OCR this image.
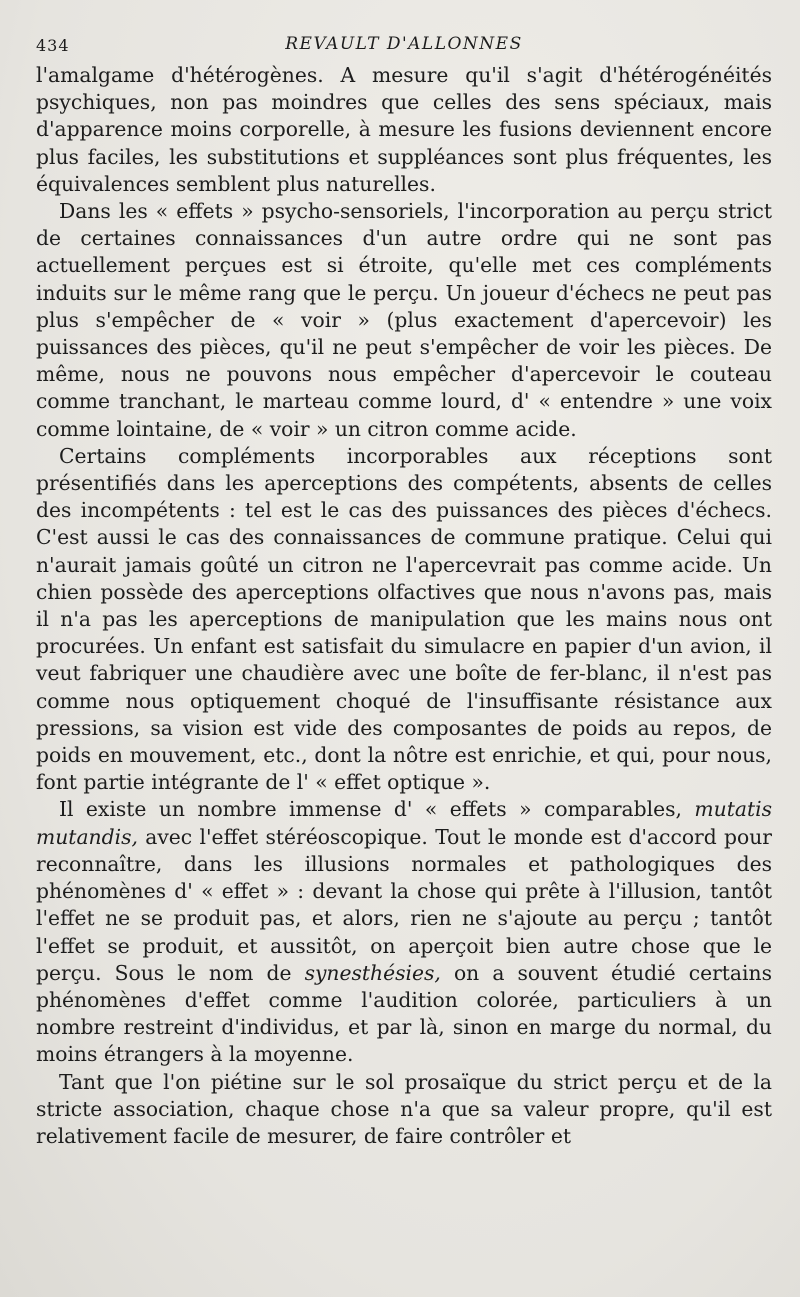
434	REVAULT D'ALLONNES

l'amalgame d'hétérogènes. A mesure qu'il s'agit d'hétérogénéités psychiques, non pas moindres que celles des sens spéciaux, mais d'apparence moins corporelle, à mesure les fusions deviennent encore plus faciles, les substitutions et suppléances sont plus fréquentes, les équivalences semblent plus naturelles.

Dans les « effets » psycho-sensoriels, l'incorporation au perçu strict de certaines connaissances d'un autre ordre qui ne sont pas actuellement perçues est si étroite, qu'elle met ces compléments induits sur le même rang que le perçu. Un joueur d'échecs ne peut pas plus s'empêcher de « voir » (plus exactement d'apercevoir) les puissances des pièces, qu'il ne peut s'empêcher de voir les pièces. De même, nous ne pouvons nous empêcher d'apercevoir le couteau comme tranchant, le marteau comme lourd, d' « entendre » une voix comme lointaine, de « voir » un citron comme acide.

Certains compléments incorporables aux réceptions sont présentifiés dans les aperceptions des compétents, absents de celles des incompétents : tel est le cas des puissances des pièces d'échecs. C'est aussi le cas des connaissances de commune pratique. Celui qui n'aurait jamais goûté un citron ne l'apercevrait pas comme acide. Un chien possède des aperceptions olfactives que nous n'avons pas, mais il n'a pas les aperceptions de manipulation que les mains nous ont procurées. Un enfant est satisfait du simulacre en papier d'un avion, il veut fabriquer une chaudière avec une boîte de fer-blanc, il n'est pas comme nous optiquement choqué de l'insuffisante résistance aux pressions, sa vision est vide des composantes de poids au repos, de poids en mouvement, etc., dont la nôtre est enrichie, et qui, pour nous, font partie intégrante de l' « effet optique ».

Il existe un nombre immense d' « effets » comparables, mutatis mutandis, avec l'effet stéréoscopique. Tout le monde est d'accord pour reconnaître, dans les illusions normales et pathologiques des phénomènes d' « effet » : devant la chose qui prête à l'illusion, tantôt l'effet ne se produit pas, et alors, rien ne s'ajoute au perçu ; tantôt l'effet se produit, et aussitôt, on aperçoit bien autre chose que le perçu. Sous le nom de synesthésies, on a souvent étudié certains phénomènes d'effet comme l'audition colorée, particuliers à un nombre restreint d'individus, et par là, sinon en marge du normal, du moins étrangers à la moyenne.

Tant que l'on piétine sur le sol prosaïque du strict perçu et de la stricte association, chaque chose n'a que sa valeur propre, qu'il est relativement facile de mesurer, de faire contrôler et
